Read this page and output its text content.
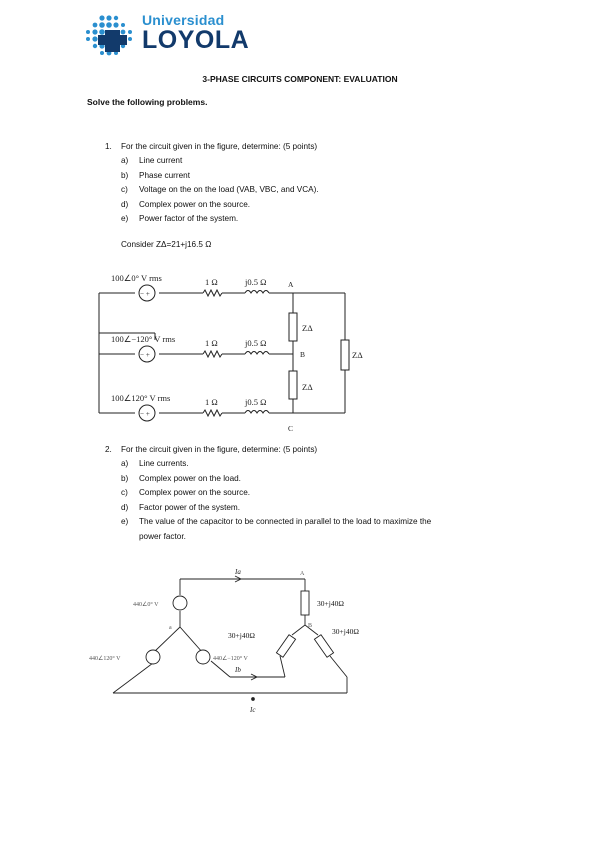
Universidad
LOYOLA
3-PHASE CIRCUITS COMPONENT: EVALUATION
Solve the following problems.
1. For the circuit given in the figure, determine: (5 points)
a) Line current
b) Phase current
c) Voltage on the on the load (VAB, VBC, and VCA).
d) Complex power on the source.
e) Power factor of the system.
Consider ZΔ=21+j16.5 Ω
− +
− +
− +
100∠0° V rms
100∠−120° V rms
100∠120° V rms
1 Ω
1 Ω
1 Ω
j0.5 Ω
j0.5 Ω
j0.5 Ω
ZΔ
ZΔ
ZΔ
A
B
C
2. For the circuit given in the figure, determine: (5 points)
a) Line currents.
b) Complex power on the load.
c) Complex power on the source.
d) Factor power of the system.
e) The value of the capacitor to be connected in parallel to the load to maximize the
power factor.
440∠0° V
440∠120° V	440∠−120° V
a
A
B
Ia
Ib
Ic
30+j40Ω
30+j40Ω	30+j40Ω
